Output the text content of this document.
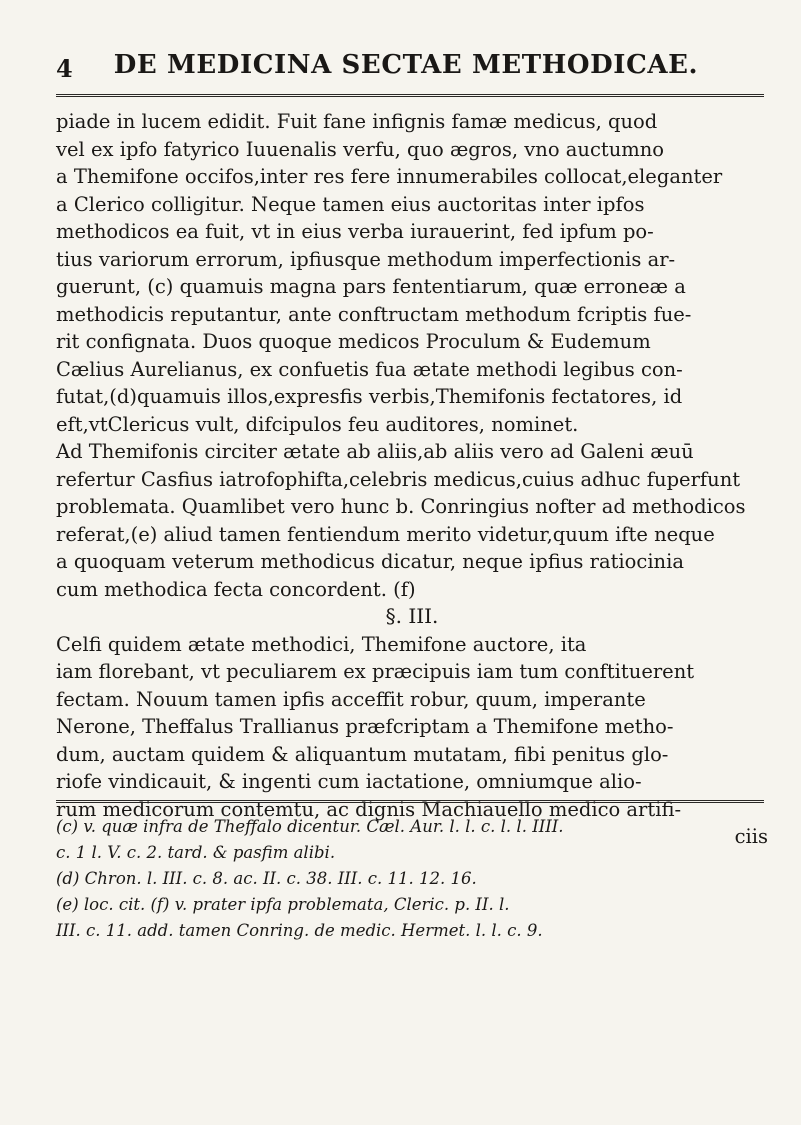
4	DE MEDICINA SECTAE METHODICAE.

piade in lucem edidit. Fuit fane infignis famæ medicus, quod
vel ex ipfo fatyrico Iuuenalis verfu, quo ægros, vno auctumno
a Themifone occifos,inter res fere innumerabiles collocat,eleganter
a Clerico colligitur. Neque tamen eius auctoritas inter ipfos
methodicos ea fuit, vt in eius verba iurauerint, fed ipfum po-
tius variorum errorum, ipfiusque methodum imperfectionis ar-
guerunt, (c) quamuis magna pars fententiarum, quæ erroneæ a
methodicis reputantur, ante conftructam methodum fcriptis fue-
rit confignata. Duos quoque medicos Proculum & Eudemum
Cælius Aurelianus, ex confuetis fua ætate methodi legibus con-
futat,(d)quamuis illos,expresfis verbis,Themifonis fectatores, id
eft,vtClericus vult, difcipulos feu auditores, nominet.

Ad Themifonis circiter ætate ab aliis,ab aliis vero ad Galeni æuū
refertur Casfius iatrofophifta,celebris medicus,cuius adhuc fuperfunt
problemata. Quamlibet vero hunc b. Conringius nofter ad methodicos
referat,(e) aliud tamen fentiendum merito videtur,quum ifte neque
a quoquam veterum methodicus dicatur, neque ipfius ratiocinia
cum methodica fecta concordent. (f)

§. III.

Celfi quidem ætate methodici, Themifone auctore, ita
iam florebant, vt peculiarem ex præcipuis iam tum conftituerent
fectam. Nouum tamen ipfis acceffit robur, quum, imperante
Nerone, Theffalus Trallianus præfcriptam a Themifone metho-
dum, auctam quidem & aliquantum mutatam, fibi penitus glo-
riofe vindicauit, & ingenti cum iactatione, omniumque alio-
rum medicorum contemtu, ac dignis Machiauello medico artifi-

ciis

(c) v. quæ infra de Theffalo dicentur. Cæl. Aur. l. l. c. l. l. IIII.
c. 1 l. V. c. 2. tard. & pasfim alibi.

(d) Chron. l. III. c. 8. ac. II. c. 38. III. c. 11. 12. 16.

(e) loc. cit. (f) v. prater ipfa problemata, Cleric. p. II. l.
III. c. 11. add. tamen Conring. de medic. Hermet. l. l. c. 9.
